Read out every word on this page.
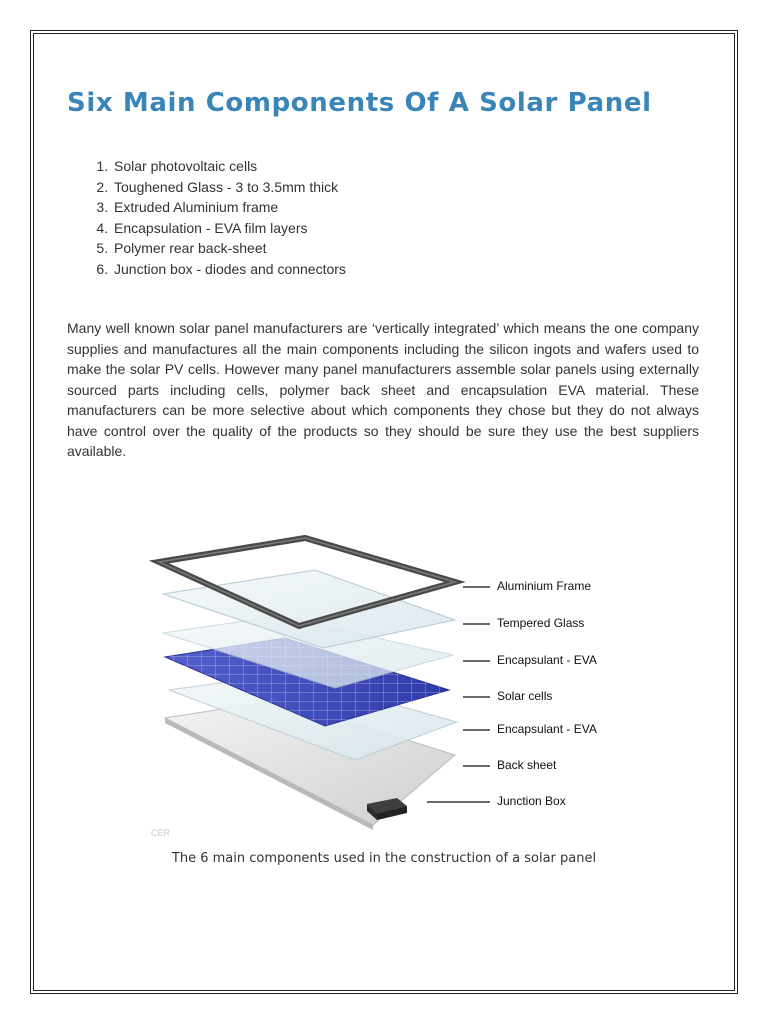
Six Main Components Of A Solar Panel
1. Solar photovoltaic cells
2. Toughened Glass - 3 to 3.5mm thick
3. Extruded Aluminium frame
4. Encapsulation - EVA film layers
5. Polymer rear back-sheet
6. Junction box - diodes and connectors

Many well known solar panel manufacturers are ‘vertically integrated’ which means the one company supplies and manufactures all the main components including the silicon ingots and wafers used to make the solar PV cells. However many panel manufacturers assemble solar panels using externally sourced parts including cells, polymer back sheet and encapsulation EVA material. These manufacturers can be more selective about which components they chose but they do not always have control over the quality of the products so they should be sure they use the best suppliers available.

CER
Aluminium Frame
Tempered Glass
Encapsulant - EVA
Solar cells
Encapsulant - EVA
Back sheet
Junction Box
The 6 main components used in the construction of a solar panel
